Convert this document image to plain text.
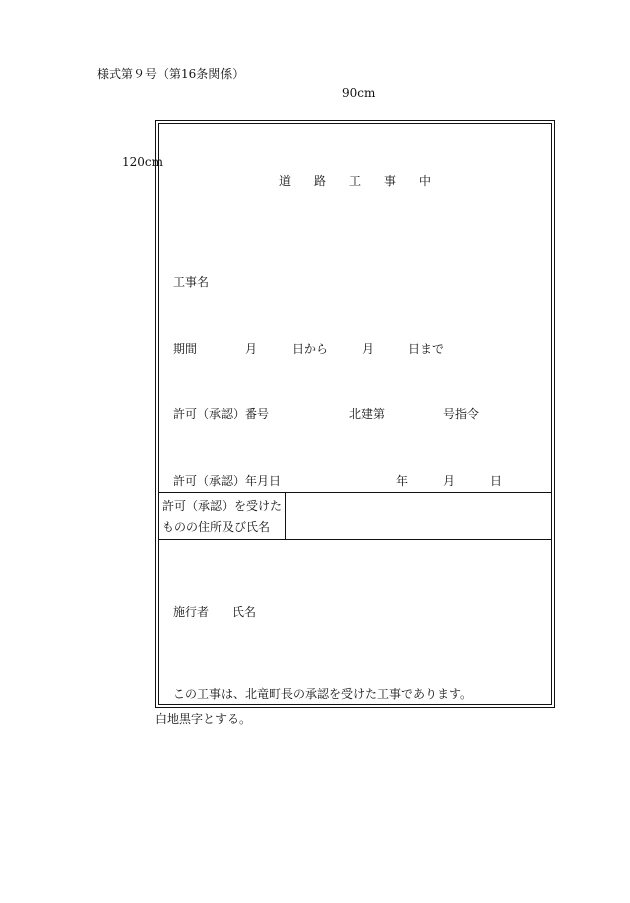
様式第９号（第16条関係）
90cm
120cm
道 路 工 事 中
工事名
期間	月	日から	月	日まで
許可（承認）番号	北建第	号指令
許可（承認）年月日	年	月	日
許可（承認）を受けた
ものの住所及び氏名
施行者 氏名
この工事は、北竜町長の承認を受けた工事であります。
白地黒字とする。
